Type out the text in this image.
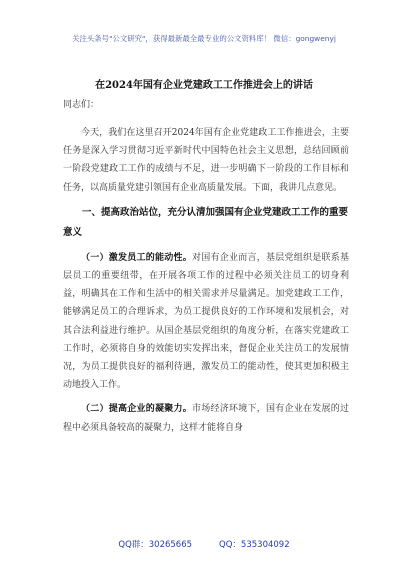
关注头条号"公文研究"，获得最新最全最专业的公文资料库！ 微信：gongwenyj
在2024年国有企业党建政工工作推进会上的讲话
同志们：

今天，我们在这里召开2024年国有企业党建政工工作推进会，主要任务是深入学习贯彻习近平新时代中国特色社会主义思想，总结回顾前一阶段党建政工工作的成绩与不足，进一步明确下一阶段的工作目标和任务，以高质量党建引领国有企业高质量发展。下面，我讲几点意见。

一、提高政治站位，充分认清加强国有企业党建政工工作的重要意义

（一）激发员工的能动性。对国有企业而言，基层党组织是联系基层员工的重要纽带，在开展各项工作的过程中必须关注员工的切身利益，明确其在工作和生活中的相关需求并尽量满足。加党建政工工作，能够满足员工的合理诉求，为员工提供良好的工作环境和发展机会，对其合法利益进行维护。从国企基层党组织的角度分析，在落实党建政工工作时，必须将自身的效能切实发挥出来，督促企业关注员工的发展情况，为员工提供良好的福利待遇，激发员工的能动性，使其更加积极主动地投入工作。

（二）提高企业的凝聚力。市场经济环境下，国有企业在发展的过程中必须具备较高的凝聚力，这样才能将自身

QQ群：30265665          QQ：535304092
